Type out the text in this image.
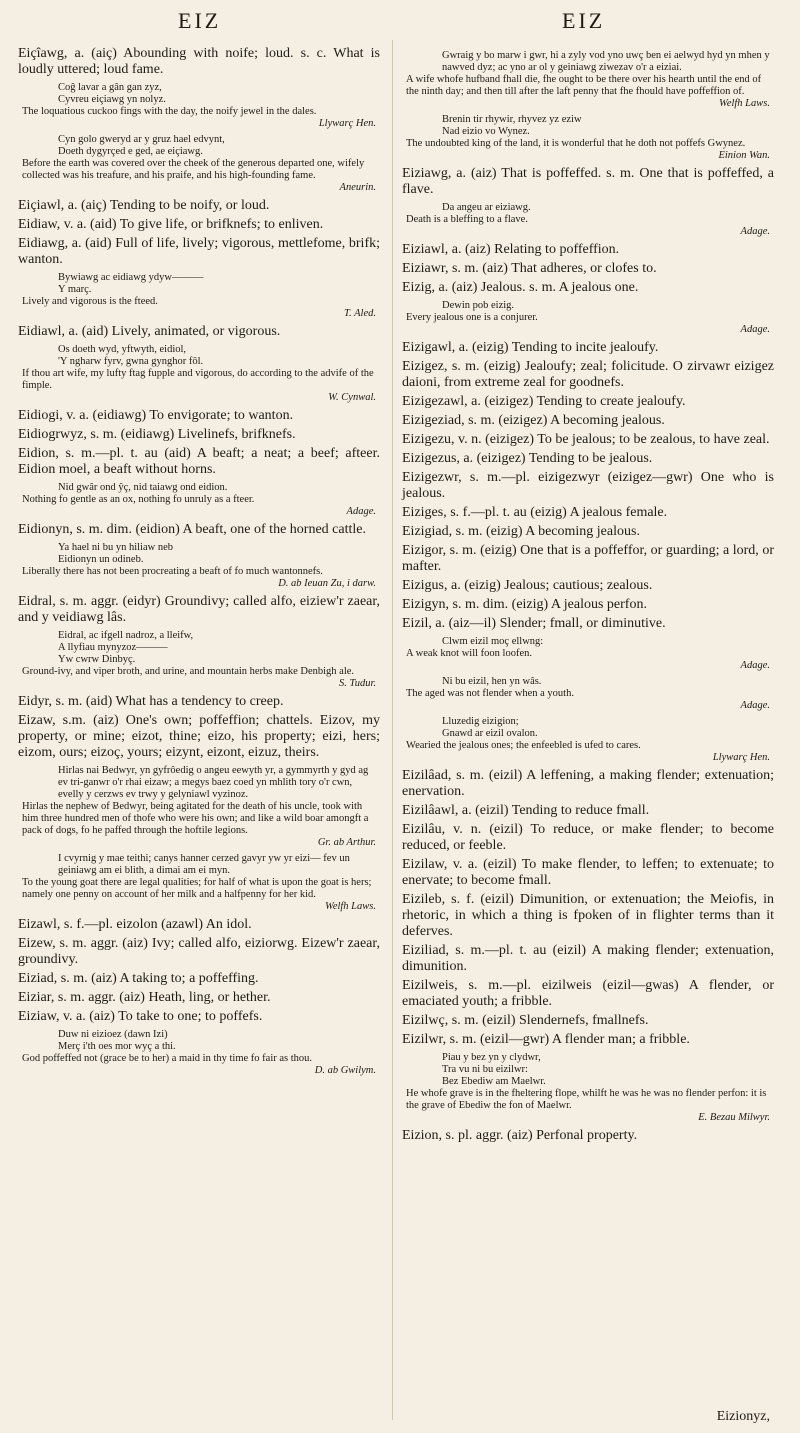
EIZ	EIZ
Eiçîawg, a. (aiç) Abounding with noife; loud. s. c. What is loudly uttered; loud fame.
Coĝ lavar a gân gan zyz,
Cyvreu eiçiawg yn nolyz.
The loquatious cuckoo fings with the day, the noify jewel in the dales.
Llywarç Hen.
Cyn golo gweryd ar y gruz hael edvynt,
Doeth dygyrçed e ged, ae eiçiawg.
Before the earth was covered over the cheek of the generous departed one, wifely collected was his treafure, and his praife, and his high-founding fame.
Aneurin.
Eiçiawl, a. (aiç) Tending to be noify, or loud.
Eidiaw, v. a. (aid) To give life, or brifknefs; to enliven.
Eidiawg, a. (aid) Full of life, lively; vigorous, mettlefome, brifk; wanton.
Bywiawg ac eidiawg ydyw———
Y març.
Lively and vigorous is the fteed.
T. Aled.
Eidiawl, a. (aid) Lively, animated, or vigorous.
Os doeth wyd, yftwyth, eidiol,
'Y ngharw fyrv, gwna gynghor fôl.
If thou art wife, my lufty ftag fupple and vigorous, do according to the advife of the fimple.
W. Cynwal.
Eidiogi, v. a. (eidiawg) To envigorate; to wanton.
Eidiogrwyz, s. m. (eidiawg) Livelinefs, brifknefs.
Eidion, s. m.—pl. t. au (aid) A beaft; a neat; a beef; afteer. Eidion moel, a beaft without horns.
Nid gwâr ond ŷç, nid taiawg ond eidion.
Nothing fo gentle as an ox, nothing fo unruly as a fteer.
Adage.
Eidionyn, s. m. dim. (eidion) A beaft, one of the horned cattle.
Ya hael ni bu yn hiliaw neb
Eidionyn un odineb.
Liberally there has not been procreating a beaft of fo much wantonnefs.
D. ab Ieuan Zu, i darw.
Eidral, s. m. aggr. (eidyr) Groundivy; called alfo, eiziew'r zaear, and y veidiawg lâs.
Eidral, ac ifgell nadroz, a lleifw,
A llyfiau mynyzoz———
Yw cwrw Dinbyç.
Ground-ivy, and viper broth, and urine, and mountain herbs make Denbigh ale.
S. Tudur.
Eidyr, s. m. (aid) What has a tendency to creep.
Eizaw, s.m. (aiz) One's own; poffeffion; chattels. Eizov, my property, or mine; eizot, thine; eizo, his property; eizi, hers; eizom, ours; eizoç, yours; eizynt, eizont, eizuz, theirs.
Hirlas nai Bedwyr, yn gyfrôedig o angeu eewyth yr, a gymmyrth y gyd ag ev tri-ganwr o'r rhai eizaw; a megys baez coed yn mhlith tory o'r cwn, evelly y cerzws ev trwy y gelyniawl vyzinoz.
Hirlas the nephew of Bedwyr, being agitated for the death of his uncle, took with him three hundred men of thofe who were his own; and like a wild boar amongft a pack of dogs, fo he paffed through the hoftile legions.
Gr. ab Arthur.
I cvyrnig y mae teithi; canys hanner cerzed gavyr yw yr eizi— fev un geiniawg am ei blith, a dimai am ei myn.
To the young goat there are legal qualities; for half of what is upon the goat is hers; namely one penny on account of her milk and a halfpenny for her kid.
Welfh Laws.
Eizawl, s. f.—pl. eizolon (azawl) An idol.
Eizew, s. m. aggr. (aiz) Ivy; called alfo, eiziorwg. Eizew'r zaear, groundivy.
Eiziad, s. m. (aiz) A taking to; a poffeffing.
Eiziar, s. m. aggr. (aiz) Heath, ling, or hether.
Eiziaw, v. a. (aiz) To take to one; to poffefs.
Duw ni eizioez (dawn Izi)
Merç i'th oes mor wyç a thi.
God poffeffed not (grace be to her) a maid in thy time fo fair as thou.
D. ab Gwilym.
Gwraig y bo marw i gwr, hi a zyly vod yno uwç ben ei aelwyd hyd yn mhen y nawved dyz; ac yno ar ol y geiniawg ziwezav o'r a eiziai.
A wife whofe hufband fhall die, fhe ought to be there over his hearth until the end of the ninth day; and then till after the laft penny that fhe fhould have poffeffion of.
Welfh Laws.
Brenin tir rhywir, rhyvez yz eziw
Nad eizio vo Wynez.
The undoubted king of the land, it is wonderful that he doth not poffefs Gwynez.
Einion Wan.
Eiziawg, a. (aiz) That is poffeffed. s. m. One that is poffeffed, a flave.
Da angeu ar eiziawg.
Death is a bleffing to a flave.
Adage.
Eiziawl, a. (aiz) Relating to poffeffion.
Eiziawr, s. m. (aiz) That adheres, or clofes to.
Eizig, a. (aiz) Jealous. s. m. A jealous one.
Dewin pob eizig.
Every jealous one is a conjurer.
Adage.
Eizigawl, a. (eizig) Tending to incite jealoufy.
Eizigez, s. m. (eizig) Jealoufy; zeal; folicitude. O zirvawr eizigez daioni, from extreme zeal for goodnefs.
Eizigezawl, a. (eizigez) Tending to create jealoufy.
Eizigeziad, s. m. (eizigez) A becoming jealous.
Eizigezu, v. n. (eizigez) To be jealous; to be zealous, to have zeal.
Eizigezus, a. (eizigez) Tending to be jealous.
Eizigezwr, s. m.—pl. eizigezwyr (eizigez—gwr) One who is jealous.
Eiziges, s. f.—pl. t. au (eizig) A jealous female.
Eizigiad, s. m. (eizig) A becoming jealous.
Eizigor, s. m. (eizig) One that is a poffeffor, or guarding; a lord, or mafter.
Eizigus, a. (eizig) Jealous; cautious; zealous.
Eizigyn, s. m. dim. (eizig) A jealous perfon.
Eizil, a. (aiz—il) Slender; fmall, or diminutive.
Clwm eizil moç ellwng:
A weak knot will foon loofen.
Adage.
Ni bu eizil, hen yn wâs.
The aged was not flender when a youth.
Adage.
Lluzedig eizigion;
Gnawd ar eizil ovalon.
Wearied the jealous ones; the enfeebled is ufed to cares.
Llywarç Hen.
Eizilâad, s. m. (eizil) A leffening, a making flender; extenuation; enervation.
Eizilâawl, a. (eizil) Tending to reduce fmall.
Eizilâu, v. n. (eizil) To reduce, or make flender; to become reduced, or feeble.
Eizilaw, v. a. (eizil) To make flender, to leffen; to extenuate; to enervate; to become fmall.
Eizileb, s. f. (eizil) Dimunition, or extenuation; the Meiofis, in rhetoric, in which a thing is fpoken of in flighter terms than it deferves.
Eiziliad, s. m.—pl. t. au (eizil) A making flender; extenuation, dimunition.
Eizilweis, s. m.—pl. eizilweis (eizil—gwas) A flender, or emaciated youth; a fribble.
Eizilwç, s. m. (eizil) Slendernefs, fmallnefs.
Eizilwr, s. m. (eizil—gwr) A flender man; a fribble.
Piau y bez yn y clydwr,
Tra vu ni bu eizilwr:
Bez Ebediw am Maelwr.
He whofe grave is in the fheltering flope, whilft he was he was no flender perfon: it is the grave of Ebediw the fon of Maelwr.
E. Bezau Milwyr.
Eizion, s. pl. aggr. (aiz) Perfonal property.
Eizionyz,
